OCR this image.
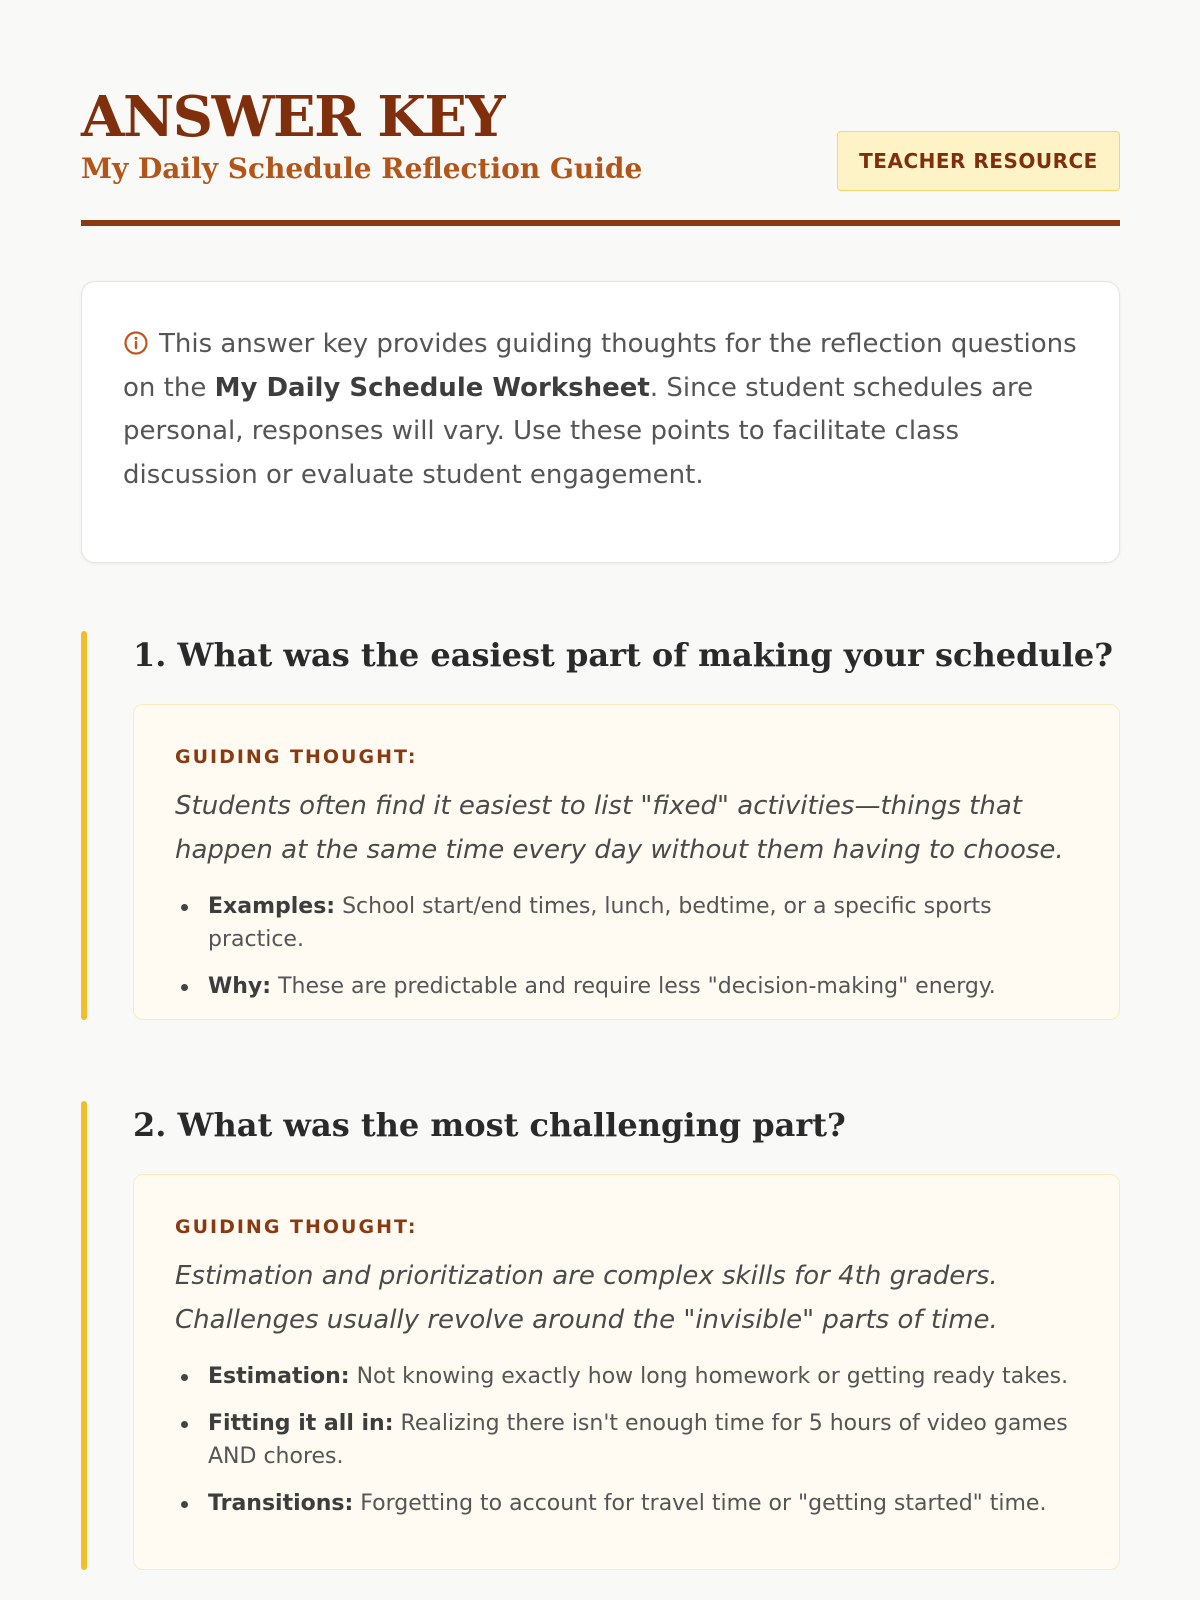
ANSWER KEY
My Daily Schedule Reflection Guide	TEACHER RESOURCE

This answer key provides guiding thoughts for the reflection questions on the My Daily Schedule Worksheet. Since student schedules are personal, responses will vary. Use these points to facilitate class discussion or evaluate student engagement.

1. What was the easiest part of making your schedule?

GUIDING THOUGHT:

Students often find it easiest to list "fixed" activities—things that happen at the same time every day without them having to choose.

Examples: School start/end times, lunch, bedtime, or a specific sports practice.
Why: These are predictable and require less "decision-making" energy.
2. What was the most challenging part?

GUIDING THOUGHT:

Estimation and prioritization are complex skills for 4th graders. Challenges usually revolve around the "invisible" parts of time.

Estimation: Not knowing exactly how long homework or getting ready takes.
Fitting it all in: Realizing there isn't enough time for 5 hours of video games AND chores.
Transitions: Forgetting to account for travel time or "getting started" time.
